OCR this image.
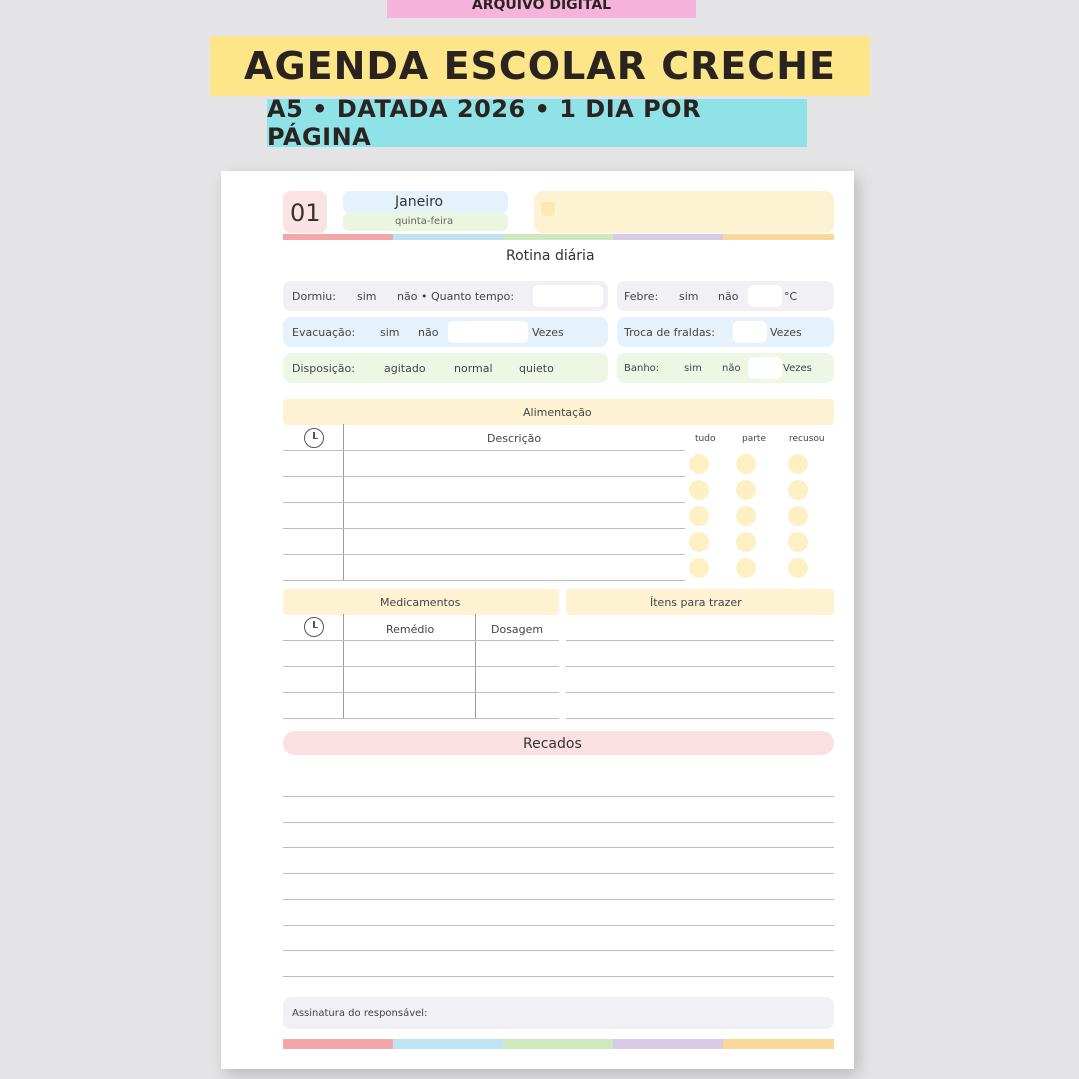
ARQUIVO DIGITAL
AGENDA ESCOLAR CRECHE
A5 • DATADA 2026 • 1 DIA POR PÁGINA
01	Janeiro
quinta-feira
Rotina diária
Dormiu: sim não • Quanto tempo:	Febre: sim não	°C
Evacuação: sim não	Vezes	Troca de fraldas:	Vezes
Disposição:	agitado	normal quieto	Banho: sim não	Vezes
Alimentação
Descrição	tudo	parte	recusou
Medicamentos
Remédio	Dosagem
Ítens para trazer
Recados
Assinatura do responsável:
